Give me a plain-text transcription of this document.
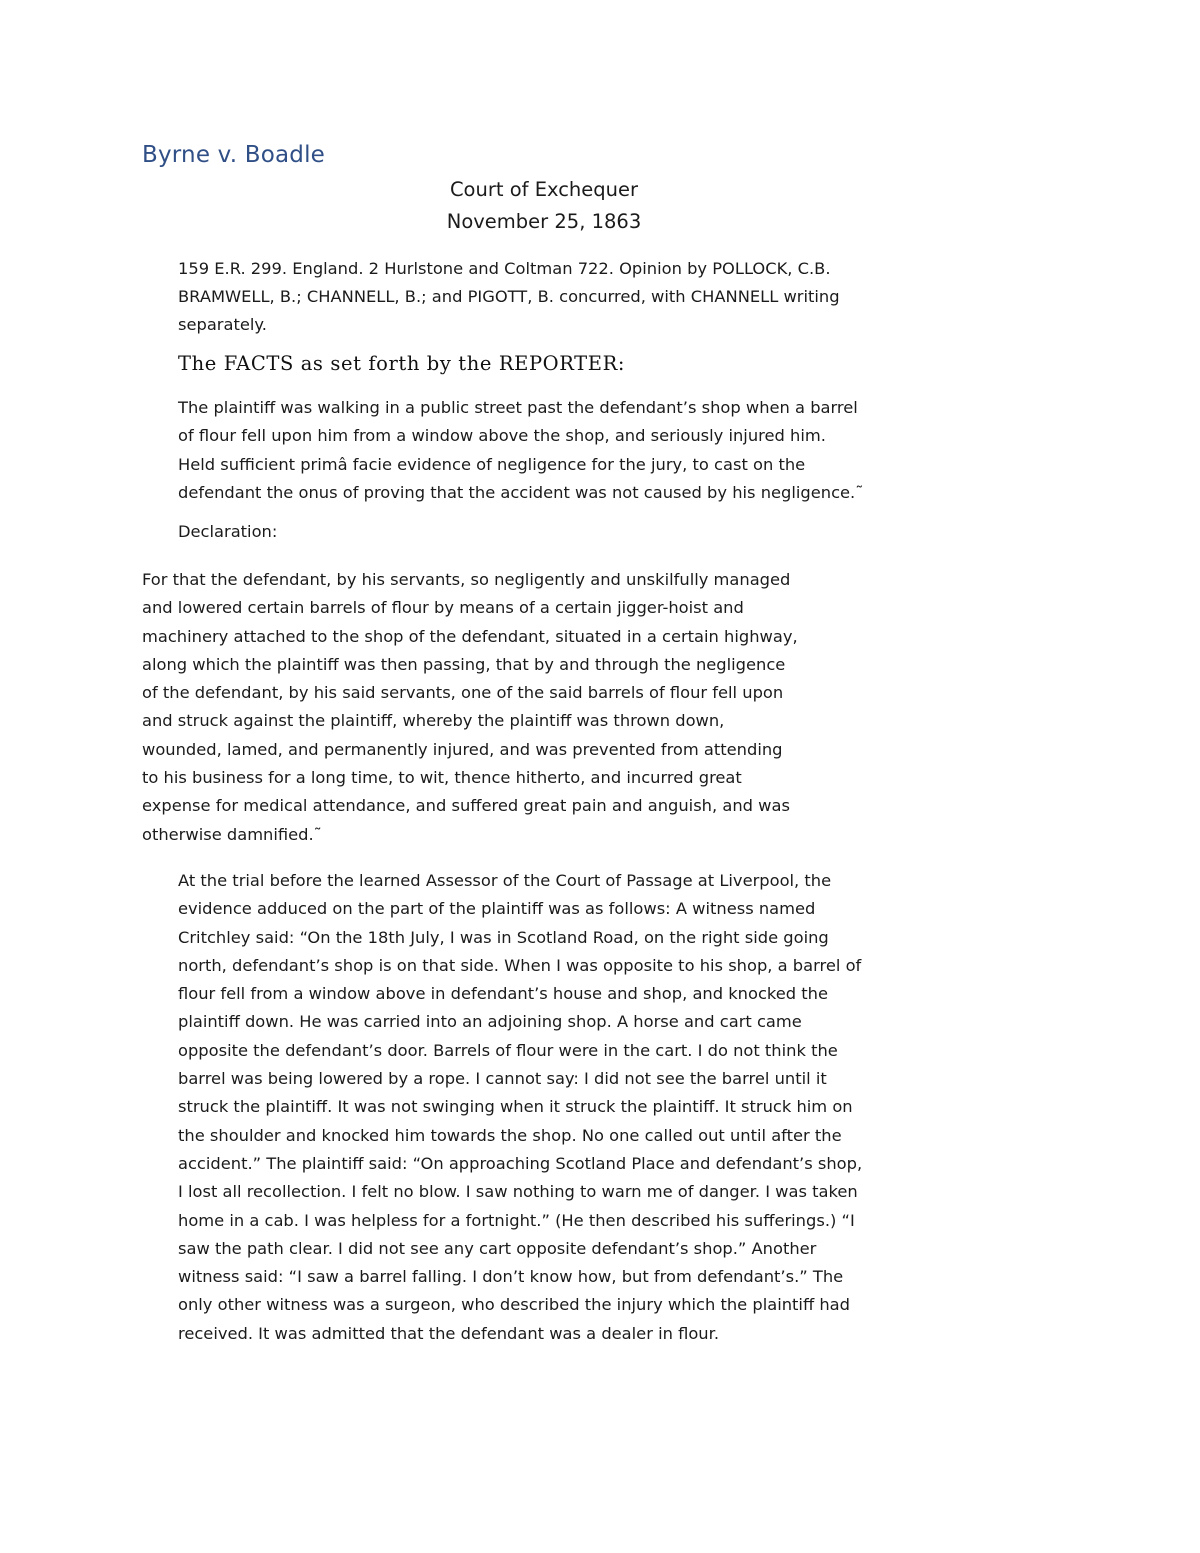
Byrne v. Boadle
Court of Exchequer
November 25, 1863
159 E.R. 299. England. 2 Hurlstone and Coltman 722. Opinion by POLLOCK, C.B.
BRAMWELL, B.; CHANNELL, B.; and PIGOTT, B. concurred, with CHANNELL writing
separately.
The FACTS as set forth by the REPORTER:
The plaintiff was walking in a public street past the defendant’s shop when a barrel
of flour fell upon him from a window above the shop, and seriously injured him.
Held sufficient primâ facie evidence of negligence for the jury, to cast on the
defendant the onus of proving that the accident was not caused by his negligence.˜
Declaration:
For that the defendant, by his servants, so negligently and unskilfully managed
and lowered certain barrels of flour by means of a certain jigger-hoist and
machinery attached to the shop of the defendant, situated in a certain highway,
along which the plaintiff was then passing, that by and through the negligence
of the defendant, by his said servants, one of the said barrels of flour fell upon
and struck against the plaintiff, whereby the plaintiff was thrown down,
wounded, lamed, and permanently injured, and was prevented from attending
to his business for a long time, to wit, thence hitherto, and incurred great
expense for medical attendance, and suffered great pain and anguish, and was
otherwise damnified.˜
At the trial before the learned Assessor of the Court of Passage at Liverpool, the
evidence adduced on the part of the plaintiff was as follows: A witness named
Critchley said: “On the 18th July, I was in Scotland Road, on the right side going
north, defendant’s shop is on that side. When I was opposite to his shop, a barrel of
flour fell from a window above in defendant’s house and shop, and knocked the
plaintiff down. He was carried into an adjoining shop. A horse and cart came
opposite the defendant’s door. Barrels of flour were in the cart. I do not think the
barrel was being lowered by a rope. I cannot say: I did not see the barrel until it
struck the plaintiff. It was not swinging when it struck the plaintiff. It struck him on
the shoulder and knocked him towards the shop. No one called out until after the
accident.” The plaintiff said: “On approaching Scotland Place and defendant’s shop,
I lost all recollection. I felt no blow. I saw nothing to warn me of danger. I was taken
home in a cab. I was helpless for a fortnight.” (He then described his sufferings.) “I
saw the path clear. I did not see any cart opposite defendant’s shop.” Another
witness said: “I saw a barrel falling. I don’t know how, but from defendant’s.” The
only other witness was a surgeon, who described the injury which the plaintiff had
received. It was admitted that the defendant was a dealer in flour.
